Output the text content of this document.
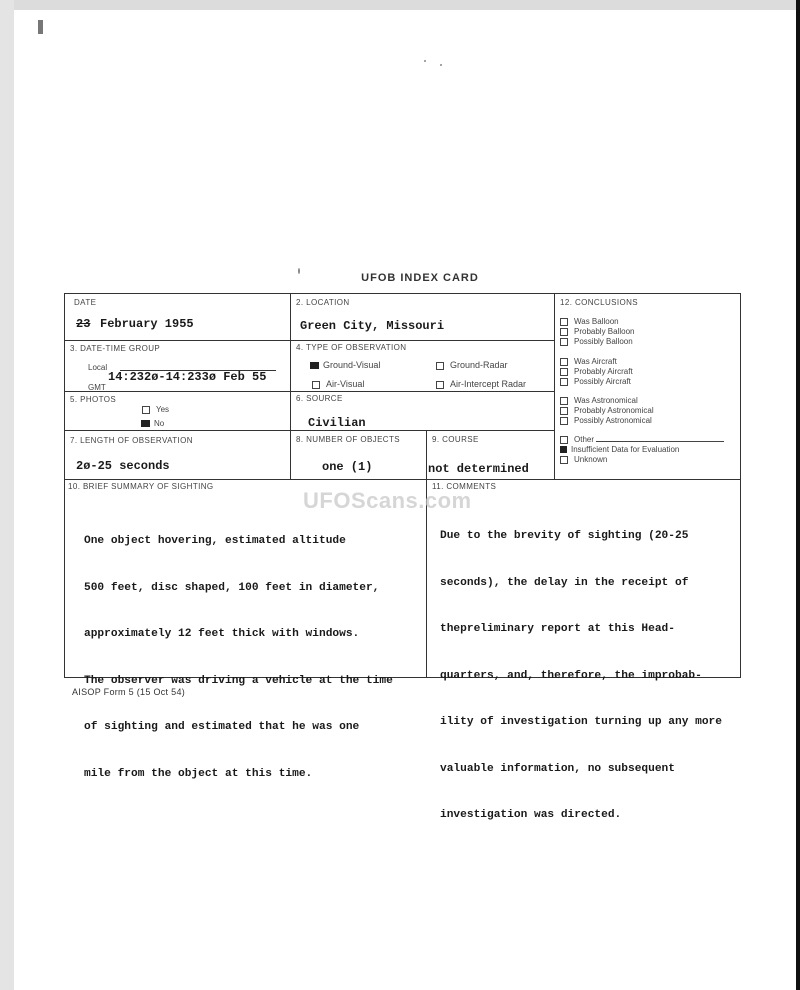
UFOB INDEX CARD
DATE
23 February 1955
2. LOCATION
Green City, Missouri
3. DATE-TIME GROUP
Local
GMT
14:232ø-14:233ø Feb 55
4. TYPE OF OBSERVATION
Ground-Visual	Ground-Radar
Air-Visual	Air-Intercept Radar
5. PHOTOS
Yes
No
6. SOURCE
Civilian
7. LENGTH OF OBSERVATION
2ø-25 seconds
8. NUMBER OF OBJECTS
one (1)
9. COURSE
not determined
12. CONCLUSIONS
Was Balloon
Probably Balloon
Possibly Balloon
Was Aircraft
Probably Aircraft
Possibly Aircraft
Was Astronomical
Probably Astronomical
Possibly Astronomical
Other
Insufficient Data for Evaluation
Unknown
10. BRIEF SUMMARY OF SIGHTING

One object hovering, estimated altitude

500 feet, disc shaped, 100 feet in diameter,

approximately 12 feet thick with windows.

The observer was driving a vehicle at the time

of sighting and estimated that he was one

mile from the object at this time.

11. COMMENTS

Due to the brevity of sighting (20-25

seconds), the delay in the receipt of

thepreliminary report at this Head-

quarters, and, therefore, the improbab-

ility of investigation turning up any more

valuable information, no subsequent

investigation was directed.

UFOScans.com
AISOP Form 5 (15 Oct 54)
